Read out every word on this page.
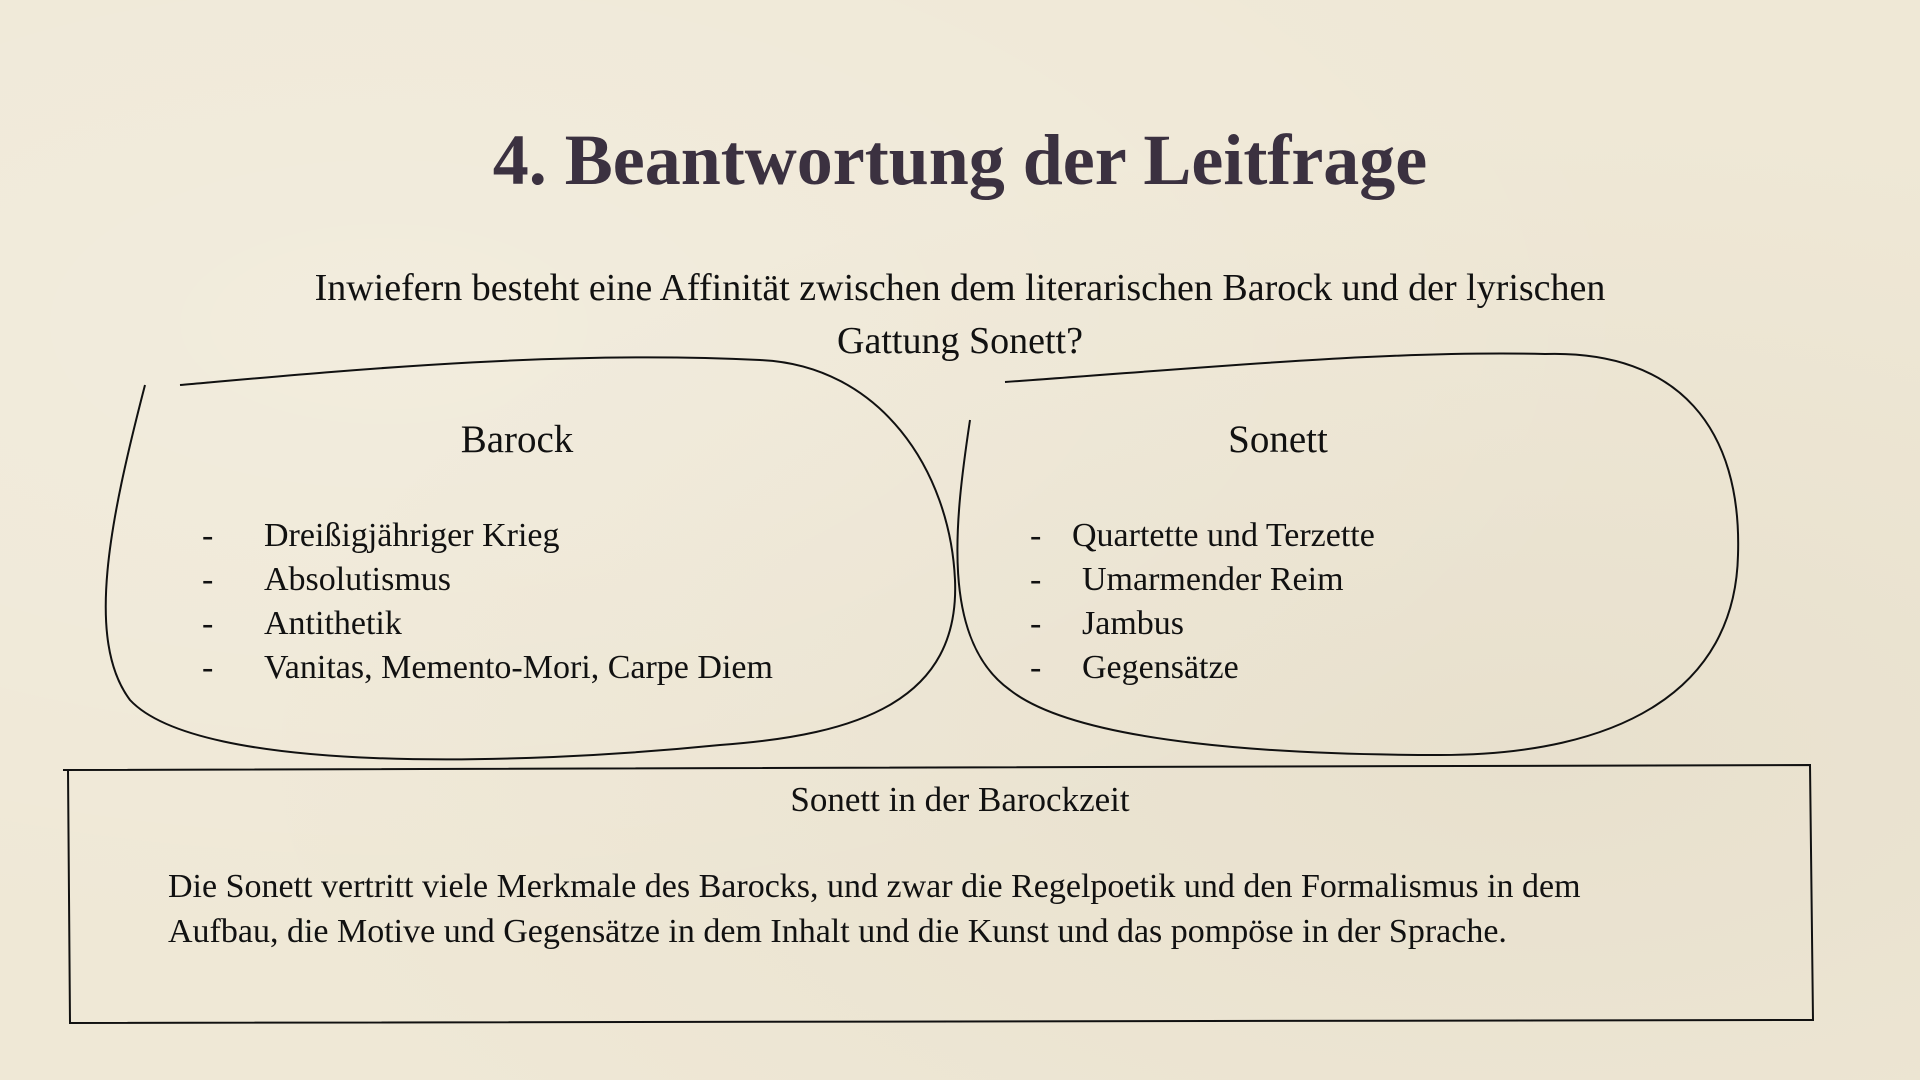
4. Beantwortung der Leitfrage
Inwiefern besteht eine Affinität zwischen dem literarischen Barock und der lyrischen
Gattung Sonett?
Barock
- Dreißigjähriger Krieg
- Absolutismus
- Antithetik
- Vanitas, Memento-Mori, Carpe Diem
Sonett
- Quartette und Terzette
- Umarmender Reim
- Jambus
- Gegensätze
Sonett in der Barockzeit
Die Sonett vertritt viele Merkmale des Barocks, und zwar die Regelpoetik und den Formalismus in dem
Aufbau, die Motive und Gegensätze in dem Inhalt und die Kunst und das pompöse in der Sprache.
